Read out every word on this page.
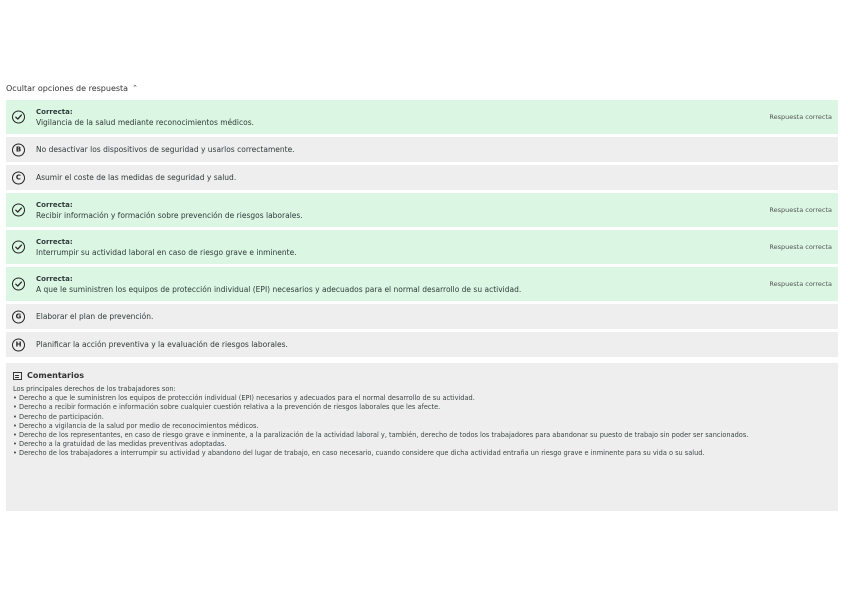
Ocultar opciones de respuesta ⌃
Correcta:
Vigilancia de la salud mediante reconocimientos médicos.
Respuesta correcta
B No desactivar los dispositivos de seguridad y usarlos correctamente.
C Asumir el coste de las medidas de seguridad y salud.
Correcta:
Recibir información y formación sobre prevención de riesgos laborales.
Respuesta correcta
Correcta:
Interrumpir su actividad laboral en caso de riesgo grave e inminente.
Respuesta correcta
Correcta:
A que le suministren los equipos de protección individual (EPI) necesarios y adecuados para el normal desarrollo de su actividad.
Respuesta correcta
G Elaborar el plan de prevención.
H Planificar la acción preventiva y la evaluación de riesgos laborales.
Comentarios
Los principales derechos de los trabajadores son:
• Derecho a que le suministren los equipos de protección individual (EPI) necesarios y adecuados para el normal desarrollo de su actividad.
• Derecho a recibir formación e información sobre cualquier cuestión relativa a la prevención de riesgos laborales que les afecte.
• Derecho de participación.
• Derecho a vigilancia de la salud por medio de reconocimientos médicos.
• Derecho de los representantes, en caso de riesgo grave e inminente, a la paralización de la actividad laboral y, también, derecho de todos los trabajadores para abandonar su puesto de trabajo sin poder ser sancionados.
• Derecho a la gratuidad de las medidas preventivas adoptadas.
• Derecho de los trabajadores a interrumpir su actividad y abandono del lugar de trabajo, en caso necesario, cuando considere que dicha actividad entraña un riesgo grave e inminente para su vida o su salud.
